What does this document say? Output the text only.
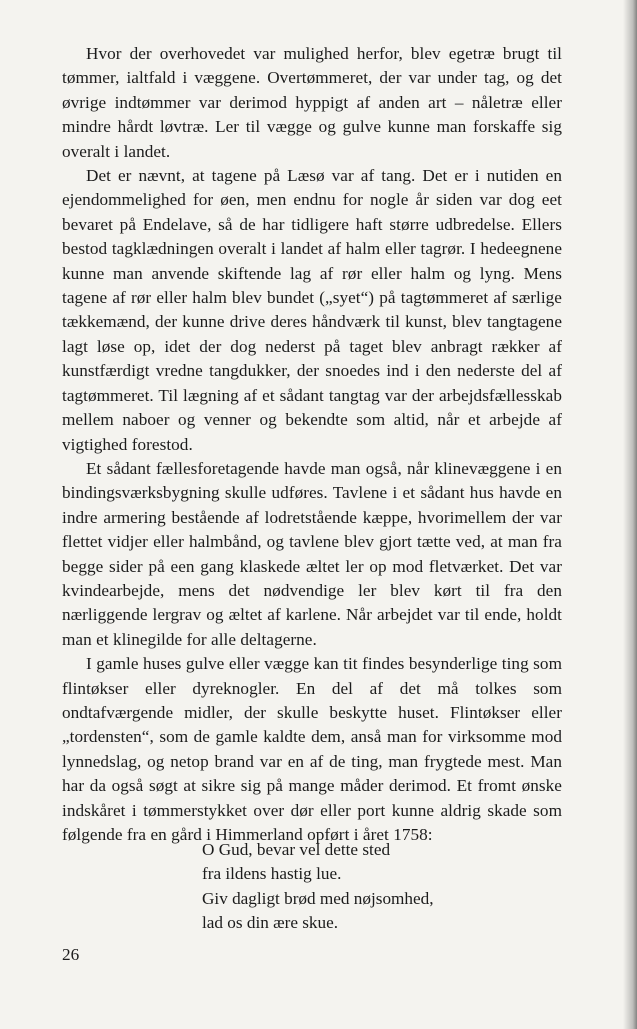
Hvor der overhovedet var mulighed herfor, blev egetræ brugt til tømmer, ialtfald i væggene. Overtømmeret, der var under tag, og det øvrige indtømmer var derimod hyppigt af anden art – nåletræ eller mindre hårdt løvtræ. Ler til vægge og gulve kunne man forskaffe sig overalt i landet.

Det er nævnt, at tagene på Læsø var af tang. Det er i nutiden en ejendommelighed for øen, men endnu for nogle år siden var dog eet bevaret på Endelave, så de har tidligere haft større udbredelse. Ellers bestod tagklædningen overalt i landet af halm eller tagrør. I hedeegnene kunne man anvende skiftende lag af rør eller halm og lyng. Mens tagene af rør eller halm blev bundet („syet“) på tagtømmeret af særlige tækkemænd, der kunne drive deres håndværk til kunst, blev tangtagene lagt løse op, idet der dog nederst på taget blev anbragt rækker af kunstfærdigt vredne tangdukker, der snoedes ind i den nederste del af tagtømmeret. Til lægning af et sådant tangtag var der arbejdsfællesskab mellem naboer og venner og bekendte som altid, når et arbejde af vigtighed forestod.

Et sådant fællesforetagende havde man også, når klinevæggene i en bindingsværksbygning skulle udføres. Tavlene i et sådant hus havde en indre armering bestående af lodretstående kæppe, hvorimellem der var flettet vidjer eller halmbånd, og tavlene blev gjort tætte ved, at man fra begge sider på een gang klaskede æltet ler op mod fletværket. Det var kvindearbejde, mens det nødvendige ler blev kørt til fra den nærliggende lergrav og æltet af karlene. Når arbejdet var til ende, holdt man et klinegilde for alle deltagerne.

I gamle huses gulve eller vægge kan tit findes besynderlige ting som flintøkser eller dyreknogler. En del af det må tolkes som ondtafværgende midler, der skulle beskytte huset. Flintøkser eller „tordensten“, som de gamle kaldte dem, anså man for virksomme mod lynnedslag, og netop brand var en af de ting, man frygtede mest. Man har da også søgt at sikre sig på mange måder derimod. Et fromt ønske indskåret i tømmerstykket over dør eller port kunne aldrig skade som følgende fra en gård i Himmerland opført i året 1758:

O Gud, bevar vel dette sted
fra ildens hastig lue.
Giv dagligt brød med nøjsomhed,
lad os din ære skue.
26
